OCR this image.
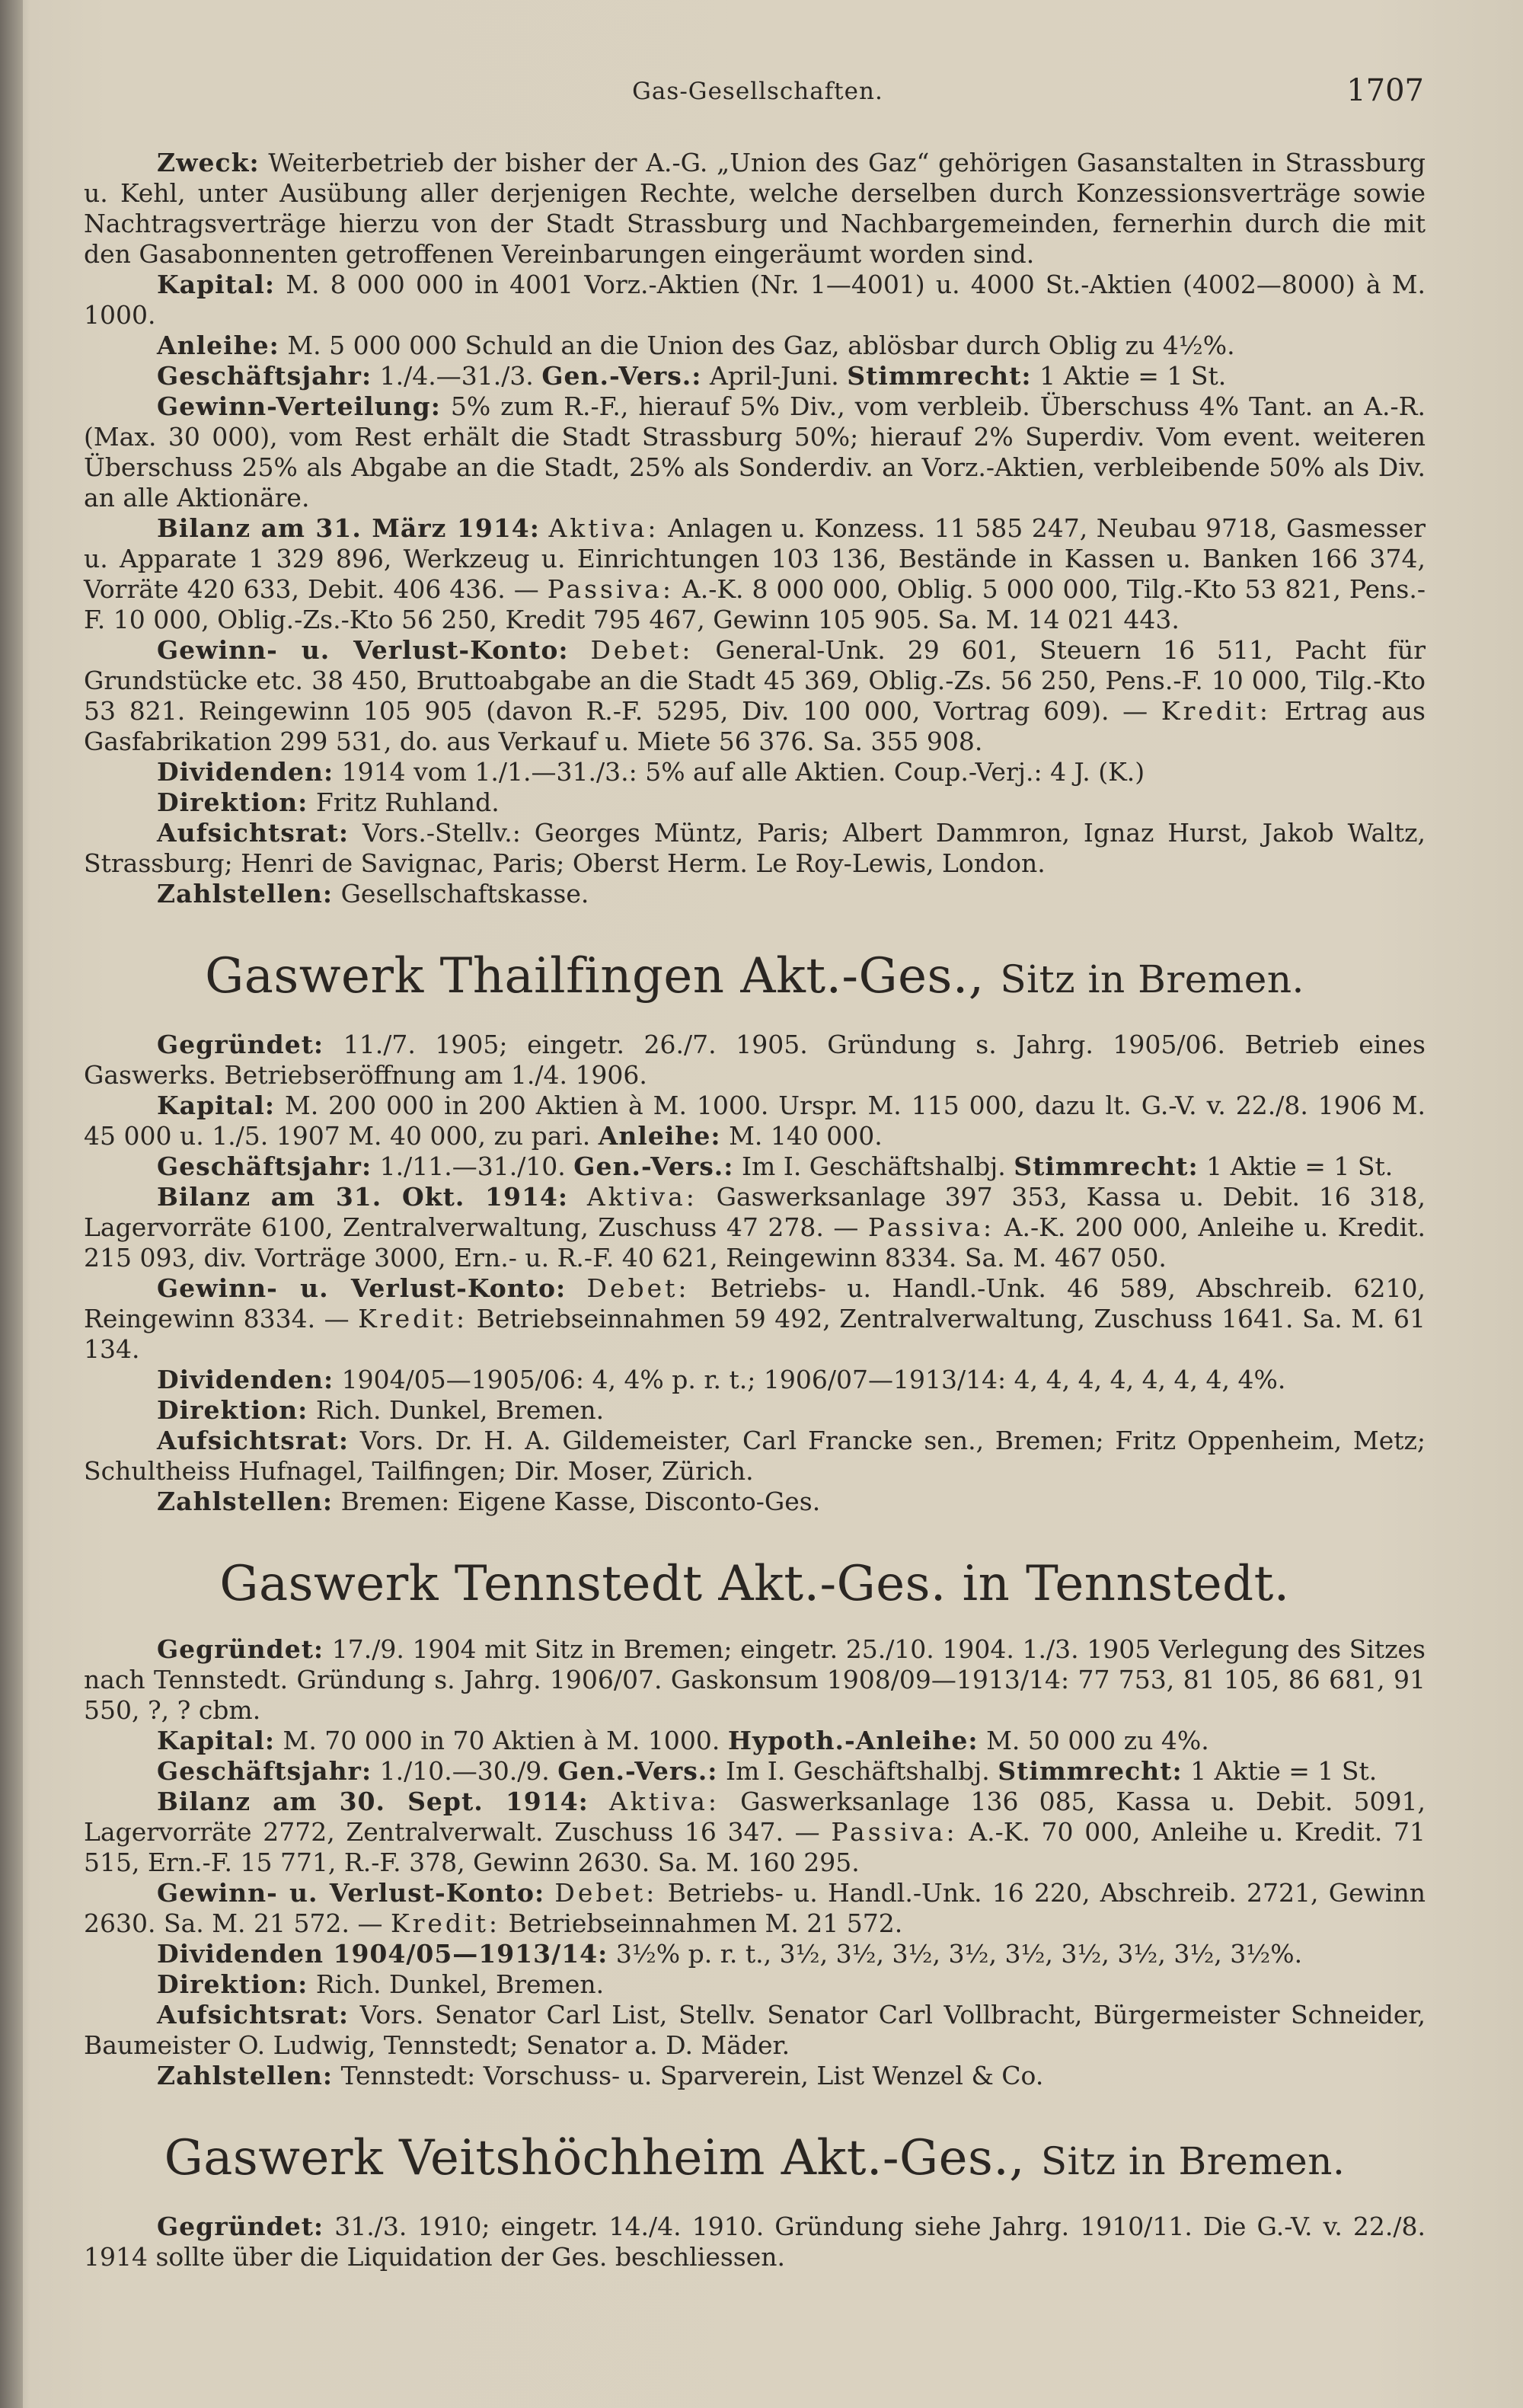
Gas-Gesellschaften.	1707

Zweck: Weiterbetrieb der bisher der A.-G. „Union des Gaz“ gehörigen Gasanstalten in Strassburg u. Kehl, unter Ausübung aller derjenigen Rechte, welche derselben durch Konzessionsverträge sowie Nachtragsverträge hierzu von der Stadt Strassburg und Nachbargemeinden, fernerhin durch die mit den Gasabonnenten getroffenen Vereinbarungen eingeräumt worden sind.

Kapital: M. 8 000 000 in 4001 Vorz.-Aktien (Nr. 1—4001) u. 4000 St.-Aktien (4002—8000) à M. 1000.

Anleihe: M. 5 000 000 Schuld an die Union des Gaz, ablösbar durch Oblig zu 4½%.

Geschäftsjahr: 1./4.—31./3. Gen.-Vers.: April-Juni. Stimmrecht: 1 Aktie = 1 St.

Gewinn-Verteilung: 5% zum R.-F., hierauf 5% Div., vom verbleib. Überschuss 4% Tant. an A.-R. (Max. 30 000), vom Rest erhält die Stadt Strassburg 50%; hierauf 2% Superdiv. Vom event. weiteren Überschuss 25% als Abgabe an die Stadt, 25% als Sonderdiv. an Vorz.-Aktien, verbleibende 50% als Div. an alle Aktionäre.

Bilanz am 31. März 1914: Aktiva: Anlagen u. Konzess. 11 585 247, Neubau 9718, Gasmesser u. Apparate 1 329 896, Werkzeug u. Einrichtungen 103 136, Bestände in Kassen u. Banken 166 374, Vorräte 420 633, Debit. 406 436. — Passiva: A.-K. 8 000 000, Oblig. 5 000 000, Tilg.-Kto 53 821, Pens.-F. 10 000, Oblig.-Zs.-Kto 56 250, Kredit 795 467, Gewinn 105 905. Sa. M. 14 021 443.

Gewinn- u. Verlust-Konto: Debet: General-Unk. 29 601, Steuern 16 511, Pacht für Grundstücke etc. 38 450, Bruttoabgabe an die Stadt 45 369, Oblig.-Zs. 56 250, Pens.-F. 10 000, Tilg.-Kto 53 821. Reingewinn 105 905 (davon R.-F. 5295, Div. 100 000, Vortrag 609). — Kredit: Ertrag aus Gasfabrikation 299 531, do. aus Verkauf u. Miete 56 376. Sa. 355 908.

Dividenden: 1914 vom 1./1.—31./3.: 5% auf alle Aktien. Coup.-Verj.: 4 J. (K.)

Direktion: Fritz Ruhland.

Aufsichtsrat: Vors.-Stellv.: Georges Müntz, Paris; Albert Dammron, Ignaz Hurst, Jakob Waltz, Strassburg; Henri de Savignac, Paris; Oberst Herm. Le Roy-Lewis, London.

Zahlstellen: Gesellschaftskasse.

Gaswerk Thailfingen Akt.-Ges., Sitz in Bremen.

Gegründet: 11./7. 1905; eingetr. 26./7. 1905. Gründung s. Jahrg. 1905/06. Betrieb eines Gaswerks. Betriebseröffnung am 1./4. 1906.

Kapital: M. 200 000 in 200 Aktien à M. 1000. Urspr. M. 115 000, dazu lt. G.-V. v. 22./8. 1906 M. 45 000 u. 1./5. 1907 M. 40 000, zu pari. Anleihe: M. 140 000.

Geschäftsjahr: 1./11.—31./10. Gen.-Vers.: Im I. Geschäftshalbj. Stimmrecht: 1 Aktie = 1 St.

Bilanz am 31. Okt. 1914: Aktiva: Gaswerksanlage 397 353, Kassa u. Debit. 16 318, Lagervorräte 6100, Zentralverwaltung, Zuschuss 47 278. — Passiva: A.-K. 200 000, Anleihe u. Kredit. 215 093, div. Vorträge 3000, Ern.- u. R.-F. 40 621, Reingewinn 8334. Sa. M. 467 050.

Gewinn- u. Verlust-Konto: Debet: Betriebs- u. Handl.-Unk. 46 589, Abschreib. 6210, Reingewinn 8334. — Kredit: Betriebseinnahmen 59 492, Zentralverwaltung, Zuschuss 1641. Sa. M. 61 134.

Dividenden: 1904/05—1905/06: 4, 4% p. r. t.; 1906/07—1913/14: 4, 4, 4, 4, 4, 4, 4, 4%.

Direktion: Rich. Dunkel, Bremen.

Aufsichtsrat: Vors. Dr. H. A. Gildemeister, Carl Francke sen., Bremen; Fritz Oppenheim, Metz; Schultheiss Hufnagel, Tailfingen; Dir. Moser, Zürich.

Zahlstellen: Bremen: Eigene Kasse, Disconto-Ges.

Gaswerk Tennstedt Akt.-Ges. in Tennstedt.

Gegründet: 17./9. 1904 mit Sitz in Bremen; eingetr. 25./10. 1904. 1./3. 1905 Verlegung des Sitzes nach Tennstedt. Gründung s. Jahrg. 1906/07. Gaskonsum 1908/09—1913/14: 77 753, 81 105, 86 681, 91 550, ?, ? cbm.

Kapital: M. 70 000 in 70 Aktien à M. 1000. Hypoth.-Anleihe: M. 50 000 zu 4%.

Geschäftsjahr: 1./10.—30./9. Gen.-Vers.: Im I. Geschäftshalbj. Stimmrecht: 1 Aktie = 1 St.

Bilanz am 30. Sept. 1914: Aktiva: Gaswerksanlage 136 085, Kassa u. Debit. 5091, Lagervorräte 2772, Zentralverwalt. Zuschuss 16 347. — Passiva: A.-K. 70 000, Anleihe u. Kredit. 71 515, Ern.-F. 15 771, R.-F. 378, Gewinn 2630. Sa. M. 160 295.

Gewinn- u. Verlust-Konto: Debet: Betriebs- u. Handl.-Unk. 16 220, Abschreib. 2721, Gewinn 2630. Sa. M. 21 572. — Kredit: Betriebseinnahmen M. 21 572.

Dividenden 1904/05—1913/14: 3½% p. r. t., 3½, 3½, 3½, 3½, 3½, 3½, 3½, 3½, 3½%.

Direktion: Rich. Dunkel, Bremen.

Aufsichtsrat: Vors. Senator Carl List, Stellv. Senator Carl Vollbracht, Bürgermeister Schneider, Baumeister O. Ludwig, Tennstedt; Senator a. D. Mäder.

Zahlstellen: Tennstedt: Vorschuss- u. Sparverein, List Wenzel & Co.

Gaswerk Veitshöchheim Akt.-Ges., Sitz in Bremen.

Gegründet: 31./3. 1910; eingetr. 14./4. 1910. Gründung siehe Jahrg. 1910/11. Die G.-V. v. 22./8. 1914 sollte über die Liquidation der Ges. beschliessen.
